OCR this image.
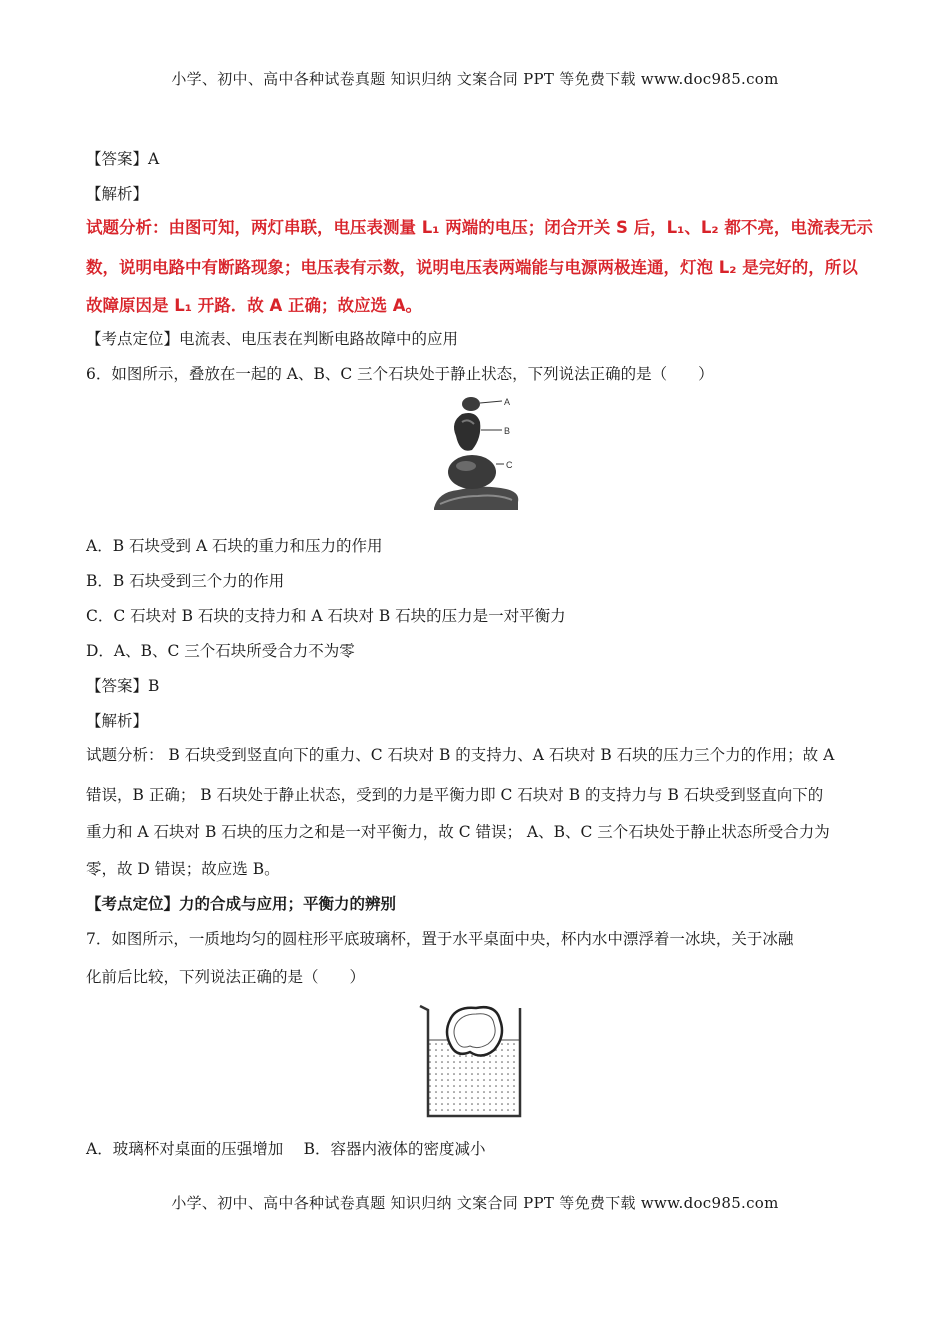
小学、初中、高中各种试卷真题 知识归纳 文案合同 PPT 等免费下载 www.doc985.com
【答案】A
【解析】
试题分析：由图可知，两灯串联，电压表测量 L₁ 两端的电压；闭合开关 S 后，L₁、L₂ 都不亮，电流表无示
数，说明电路中有断路现象；电压表有示数，说明电压表两端能与电源两极连通，灯泡 L₂ 是完好的，所以
故障原因是 L₁ 开路．故 A 正确；故应选 A。
【考点定位】电流表、电压表在判断电路故障中的应用
6．如图所示，叠放在一起的 A、B、C 三个石块处于静止状态，下列说法正确的是（　　）
A
B
C
A．B 石块受到 A 石块的重力和压力的作用
B．B 石块受到三个力的作用
C．C 石块对 B 石块的支持力和 A 石块对 B 石块的压力是一对平衡力
D．A、B、C 三个石块所受合力不为零
【答案】B
【解析】
试题分析： B 石块受到竖直向下的重力、C 石块对 B 的支持力、A 石块对 B 石块的压力三个力的作用；故 A
错误，B 正确； B 石块处于静止状态，受到的力是平衡力即 C 石块对 B 的支持力与 B 石块受到竖直向下的
重力和 A 石块对 B 石块的压力之和是一对平衡力，故 C 错误； A、B、C 三个石块处于静止状态所受合力为
零，故 D 错误；故应选 B。
【考点定位】力的合成与应用；平衡力的辨别
7．如图所示，一质地均匀的圆柱形平底玻璃杯，置于水平桌面中央，杯内水中漂浮着一冰块，关于冰融
化前后比较，下列说法正确的是（　　）
A．玻璃杯对桌面的压强增加　 B．容器内液体的密度减小
小学、初中、高中各种试卷真题 知识归纳 文案合同 PPT 等免费下载 www.doc985.com
